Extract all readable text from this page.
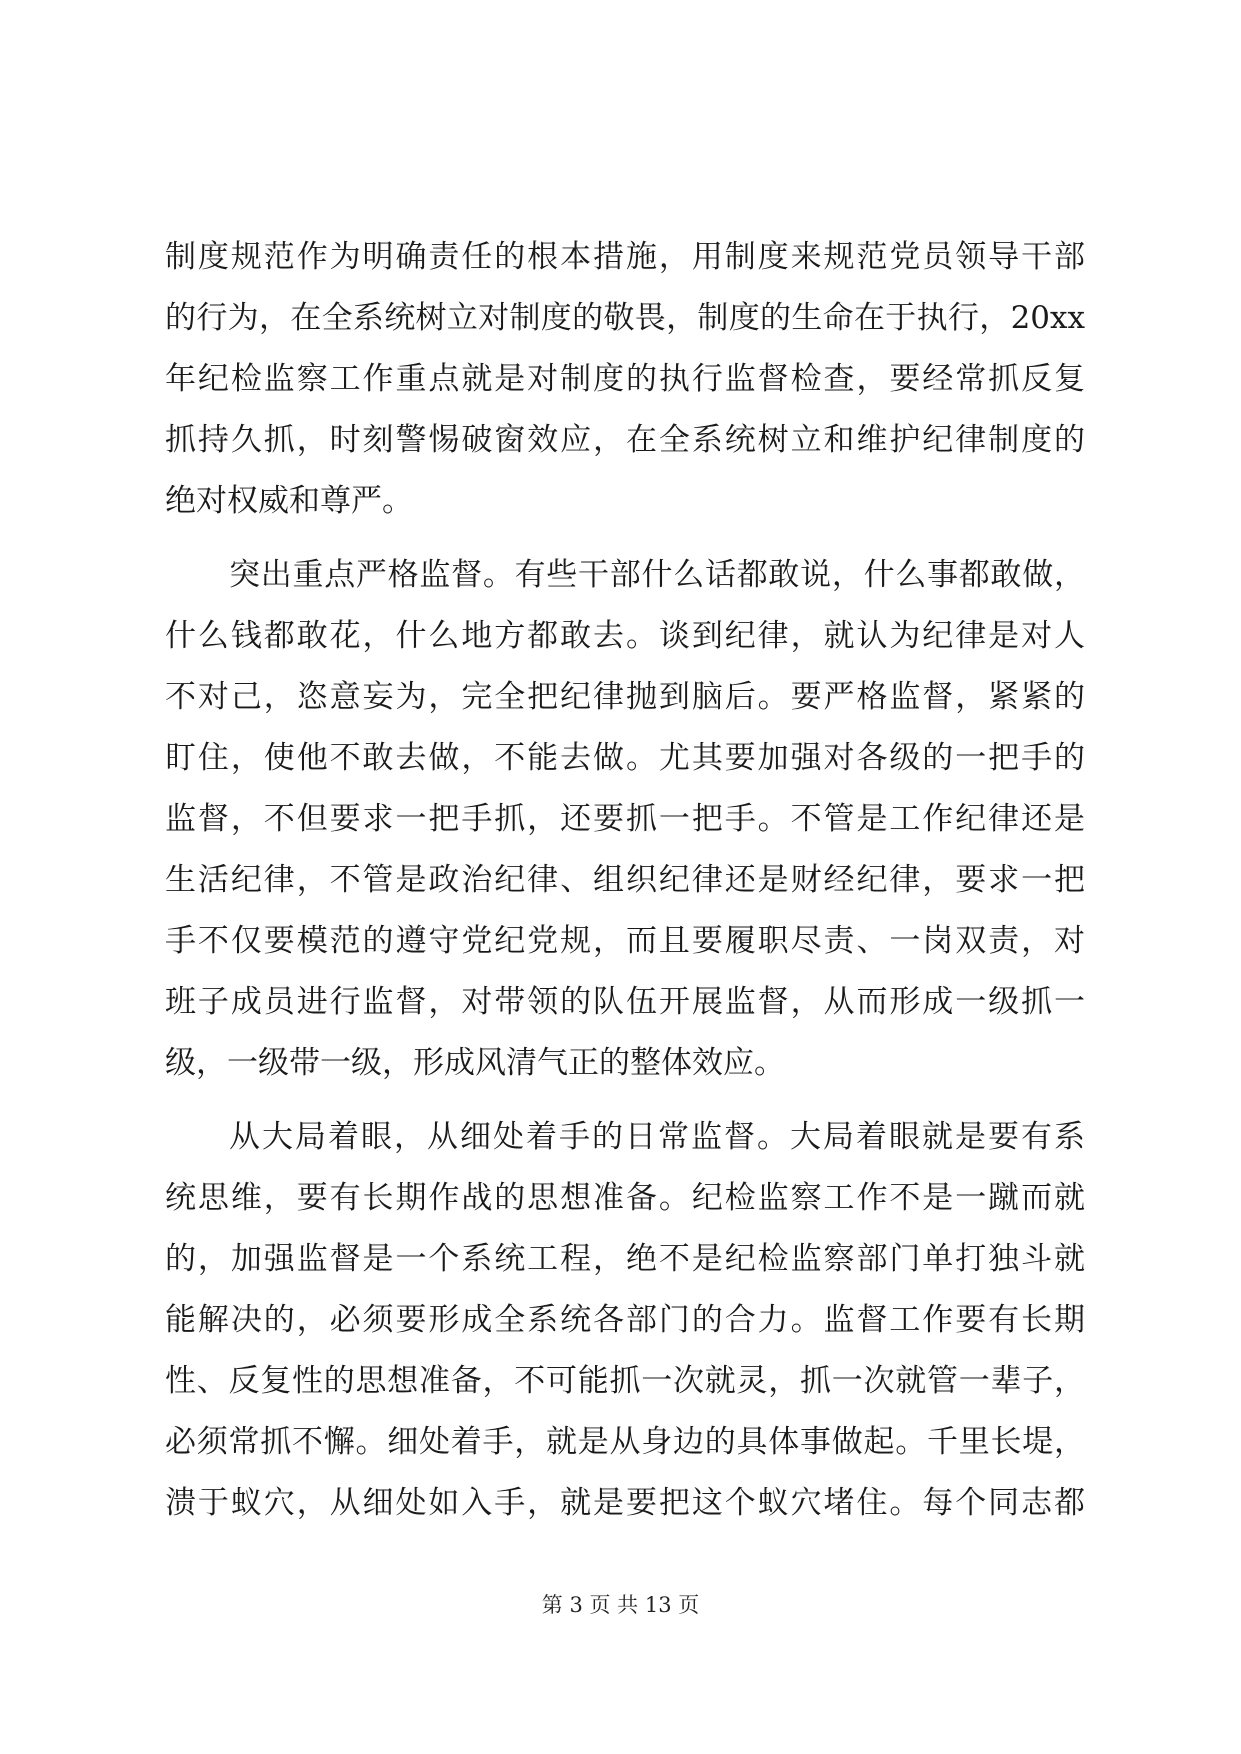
制度规范作为明确责任的根本措施，用制度来规范党员领导干部
的行为，在全系统树立对制度的敬畏，制度的生命在于执行，20xx
年纪检监察工作重点就是对制度的执行监督检查，要经常抓反复
抓持久抓，时刻警惕破窗效应，在全系统树立和维护纪律制度的
绝对权威和尊严。
突出重点严格监督。有些干部什么话都敢说，什么事都敢做，
什么钱都敢花，什么地方都敢去。谈到纪律，就认为纪律是对人
不对己，恣意妄为，完全把纪律抛到脑后。要严格监督，紧紧的
盯住，使他不敢去做，不能去做。尤其要加强对各级的一把手的
监督，不但要求一把手抓，还要抓一把手。不管是工作纪律还是
生活纪律，不管是政治纪律、组织纪律还是财经纪律，要求一把
手不仅要模范的遵守党纪党规，而且要履职尽责、一岗双责，对
班子成员进行监督，对带领的队伍开展监督，从而形成一级抓一
级，一级带一级，形成风清气正的整体效应。
从大局着眼，从细处着手的日常监督。大局着眼就是要有系
统思维，要有长期作战的思想准备。纪检监察工作不是一蹴而就
的，加强监督是一个系统工程，绝不是纪检监察部门单打独斗就
能解决的，必须要形成全系统各部门的合力。监督工作要有长期
性、反复性的思想准备，不可能抓一次就灵，抓一次就管一辈子，
必须常抓不懈。细处着手，就是从身边的具体事做起。千里长堤，
溃于蚁穴，从细处如入手，就是要把这个蚁穴堵住。每个同志都
第 3 页 共 13 页
